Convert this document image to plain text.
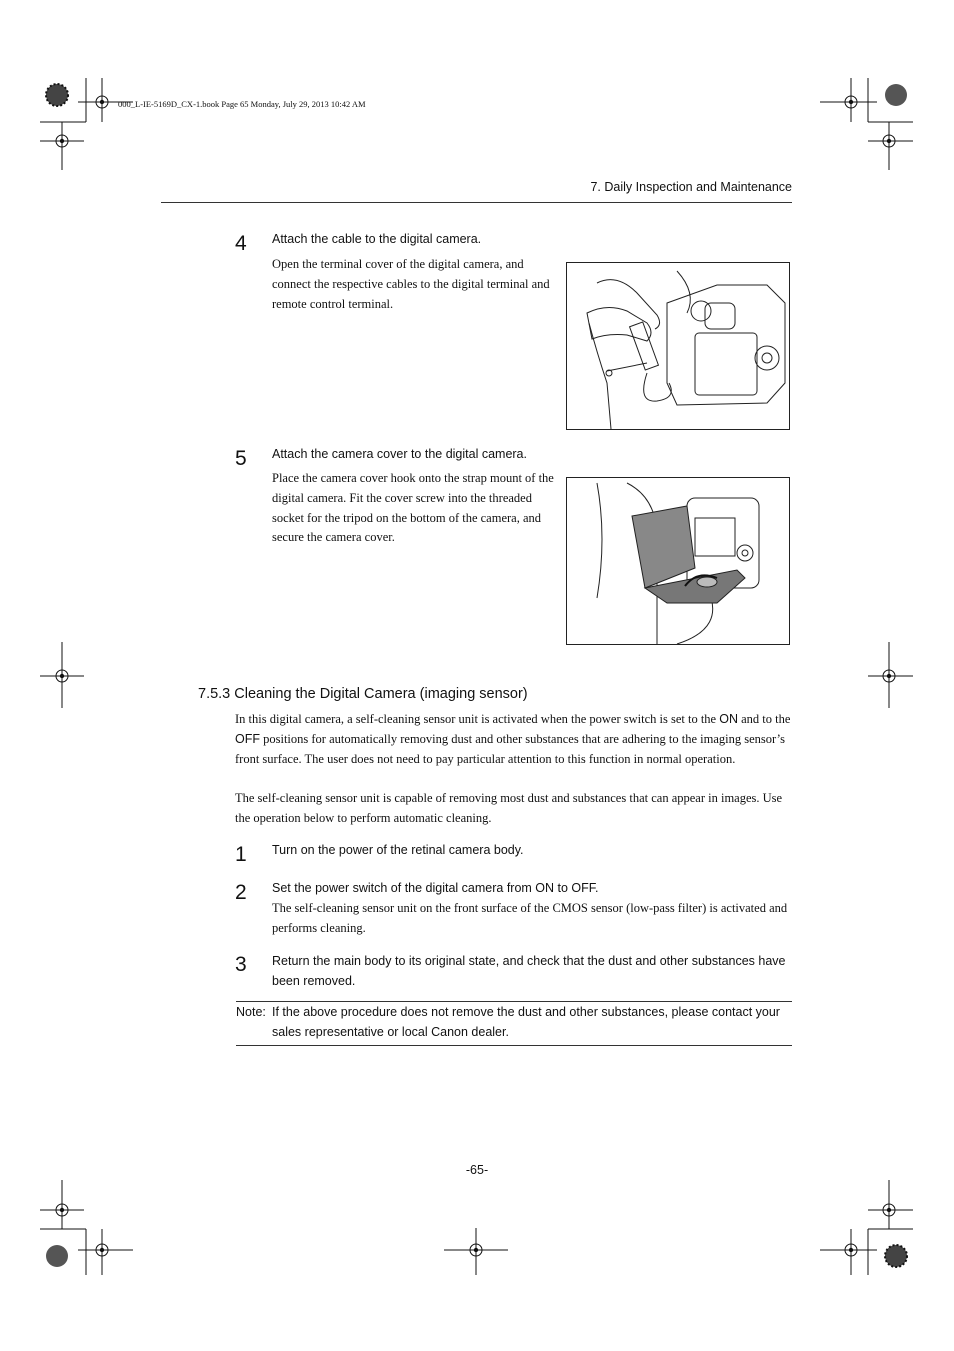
000_L-IE-5169D_CX-1.book Page 65 Monday, July 29, 2013 10:42 AM
7. Daily Inspection and Maintenance
4 Attach the cable to the digital camera.
Open the terminal cover of the digital camera, and connect the respective cables to the digital terminal and remote control terminal.
5 Attach the camera cover to the digital camera.
Place the camera cover hook onto the strap mount of the digital camera. Fit the cover screw into the threaded socket for the tripod on the bottom of the camera, and secure the camera cover.
7.5.3 Cleaning the Digital Camera (imaging sensor)
In this digital camera, a self-cleaning sensor unit is activated when the power switch is set to the ON and to the OFF positions for automatically removing dust and other substances that are adhering to the imaging sensor’s front surface. The user does not need to pay particular attention to this function in normal operation.
The self-cleaning sensor unit is capable of removing most dust and substances that can appear in images. Use the operation below to perform automatic cleaning.
1 Turn on the power of the retinal camera body.
2 Set the power switch of the digital camera from ON to OFF.
The self-cleaning sensor unit on the front surface of the CMOS sensor (low-pass filter) is activated and performs cleaning.
3 Return the main body to its original state, and check that the dust and other substances have been removed.
Note: If the above procedure does not remove the dust and other substances, please contact your sales representative or local Canon dealer.
-65-
